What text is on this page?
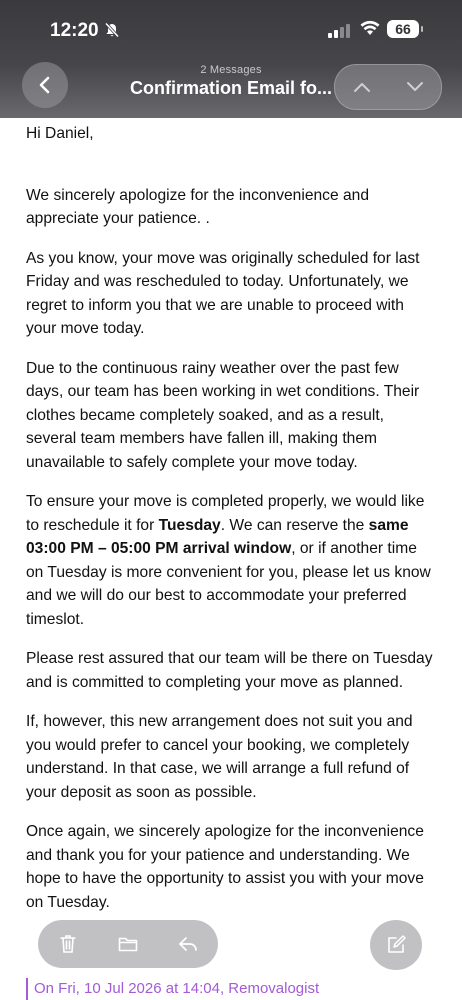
12:20	66
2 Messages
Confirmation Email fo...

Hi Daniel,

We sincerely apologize for the inconvenience and appreciate your patience. .

As you know, your move was originally scheduled for last Friday and was rescheduled to today. Unfortunately, we regret to inform you that we are unable to proceed with your move today.

Due to the continuous rainy weather over the past few days, our team has been working in wet conditions. Their clothes became completely soaked, and as a result, several team members have fallen ill, making them unavailable to safely complete your move today.

To ensure your move is completed properly, we would like to reschedule it for Tuesday. We can reserve the same 03:00 PM – 05:00 PM arrival window, or if another time on Tuesday is more convenient for you, please let us know and we will do our best to accommodate your preferred timeslot.

Please rest assured that our team will be there on Tuesday and is committed to completing your move as planned.

If, however, this new arrangement does not suit you and you would prefer to cancel your booking, we completely understand. In that case, we will arrange a full refund of your deposit as soon as possible.

Once again, we sincerely apologize for the inconvenience and thank you for your patience and understanding. We hope to have the opportunity to assist you with your move on Tuesday.

On Fri, 10 Jul 2026 at 14:04, Removalogist
